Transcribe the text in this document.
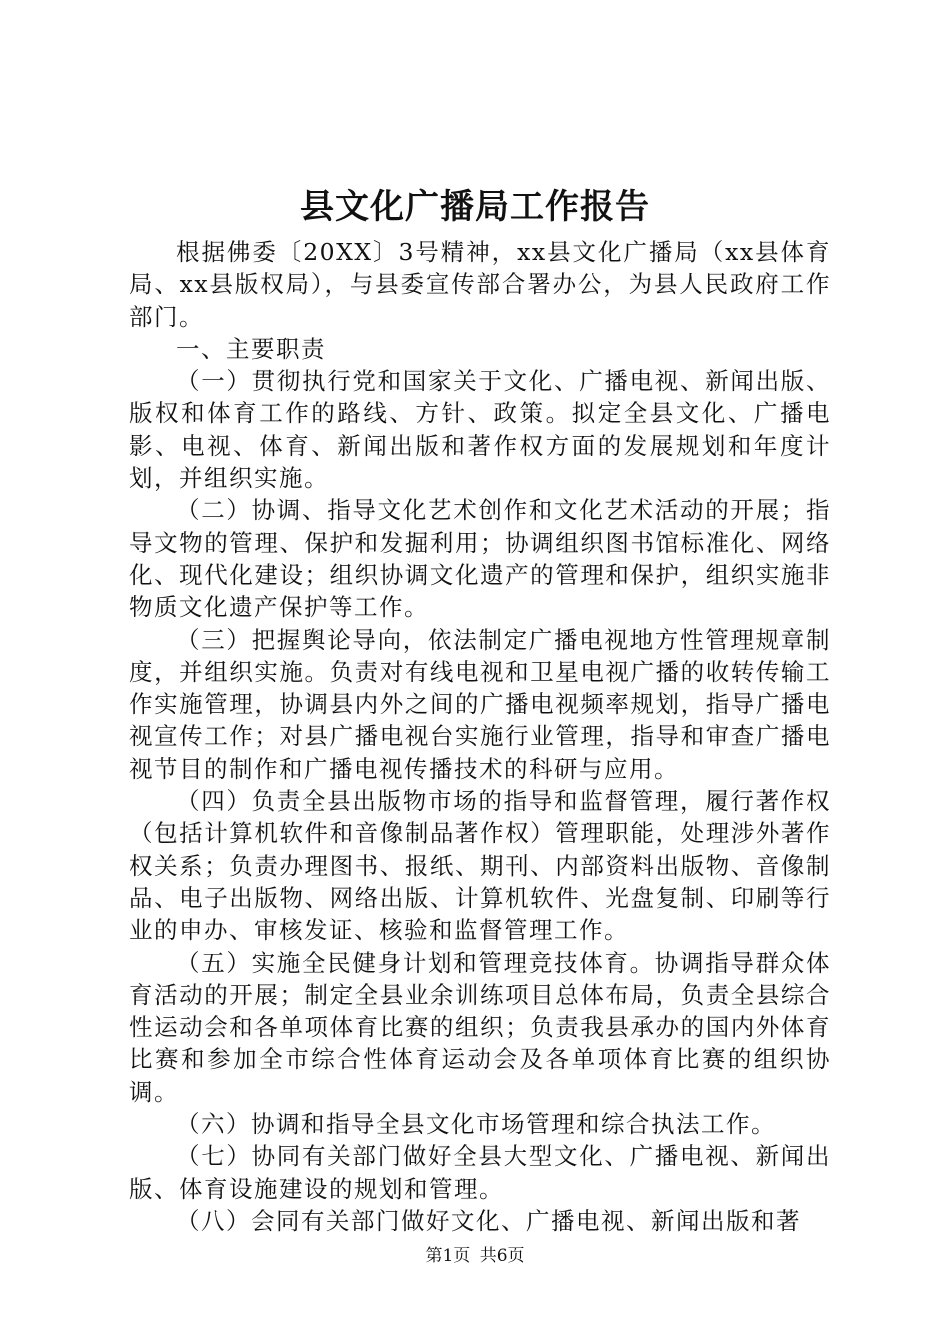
县文化广播局工作报告

根据佛委〔20XX〕3号精神，xx县文化广播局（xx县体育局、xx县版权局），与县委宣传部合署办公，为县人民政府工作部门。

一、主要职责

（一）贯彻执行党和国家关于文化、广播电视、新闻出版、版权和体育工作的路线、方针、政策。拟定全县文化、广播电影、电视、体育、新闻出版和著作权方面的发展规划和年度计划，并组织实施。

（二）协调、指导文化艺术创作和文化艺术活动的开展；指导文物的管理、保护和发掘利用；协调组织图书馆标准化、网络化、现代化建设；组织协调文化遗产的管理和保护，组织实施非物质文化遗产保护等工作。

（三）把握舆论导向，依法制定广播电视地方性管理规章制度，并组织实施。负责对有线电视和卫星电视广播的收转传输工作实施管理，协调县内外之间的广播电视频率规划，指导广播电视宣传工作；对县广播电视台实施行业管理，指导和审查广播电视节目的制作和广播电视传播技术的科研与应用。

（四）负责全县出版物市场的指导和监督管理，履行著作权（包括计算机软件和音像制品著作权）管理职能，处理涉外著作权关系；负责办理图书、报纸、期刊、内部资料出版物、音像制品、电子出版物、网络出版、计算机软件、光盘复制、印刷等行业的申办、审核发证、核验和监督管理工作。

（五）实施全民健身计划和管理竞技体育。协调指导群众体育活动的开展；制定全县业余训练项目总体布局，负责全县综合性运动会和各单项体育比赛的组织；负责我县承办的国内外体育比赛和参加全市综合性体育运动会及各单项体育比赛的组织协调。

（六）协调和指导全县文化市场管理和综合执法工作。

（七）协同有关部门做好全县大型文化、广播电视、新闻出版、体育设施建设的规划和管理。

（八）会同有关部门做好文化、广播电视、新闻出版和著

第1页 共6页
